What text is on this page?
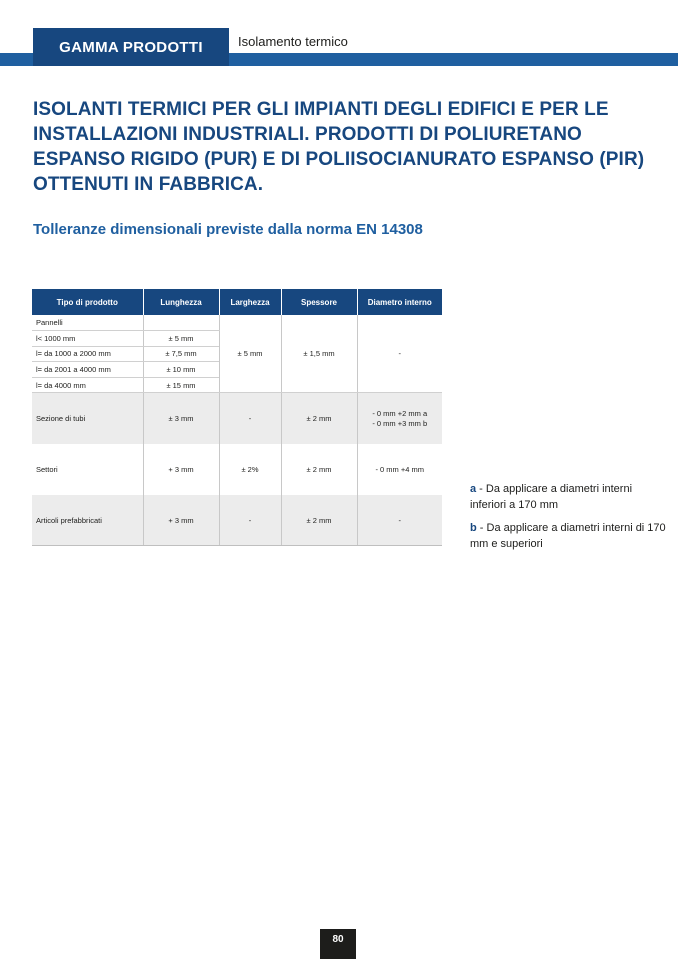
GAMMA PRODOTTI	Isolamento termico
ISOLANTI TERMICI PER GLI IMPIANTI DEGLI EDIFICI E PER LE INSTALLAZIONI INDUSTRIALI. PRODOTTI DI POLIURETANO ESPANSO RIGIDO (PUR) E DI POLIISOCIANURATO ESPANSO (PIR) OTTENUTI IN FABBRICA.
Tolleranze dimensionali previste dalla norma EN 14308
Tipo di prodotto	Lunghezza	Larghezza	Spessore	Diametro interno
Pannelli		± 5 mm	± 1,5 mm	-
l< 1000 mm	± 5 mm			
l= da 1000 a 2000 mm	± 7,5 mm			
l= da 2001 a 4000 mm	± 10 mm			
l= da 4000 mm	± 15 mm			
Sezione di tubi	± 3 mm	-	± 2 mm	- 0 mm +2 mm a
- 0 mm +3 mm b

Settori	+ 3 mm	± 2%	± 2 mm	- 0 mm +4 mm
Articoli prefabbricati	+ 3 mm	-	± 2 mm	-

a - Da applicare a diametri interni inferiori a 170 mm

b - Da applicare a diametri interni di 170 mm e superiori

80
